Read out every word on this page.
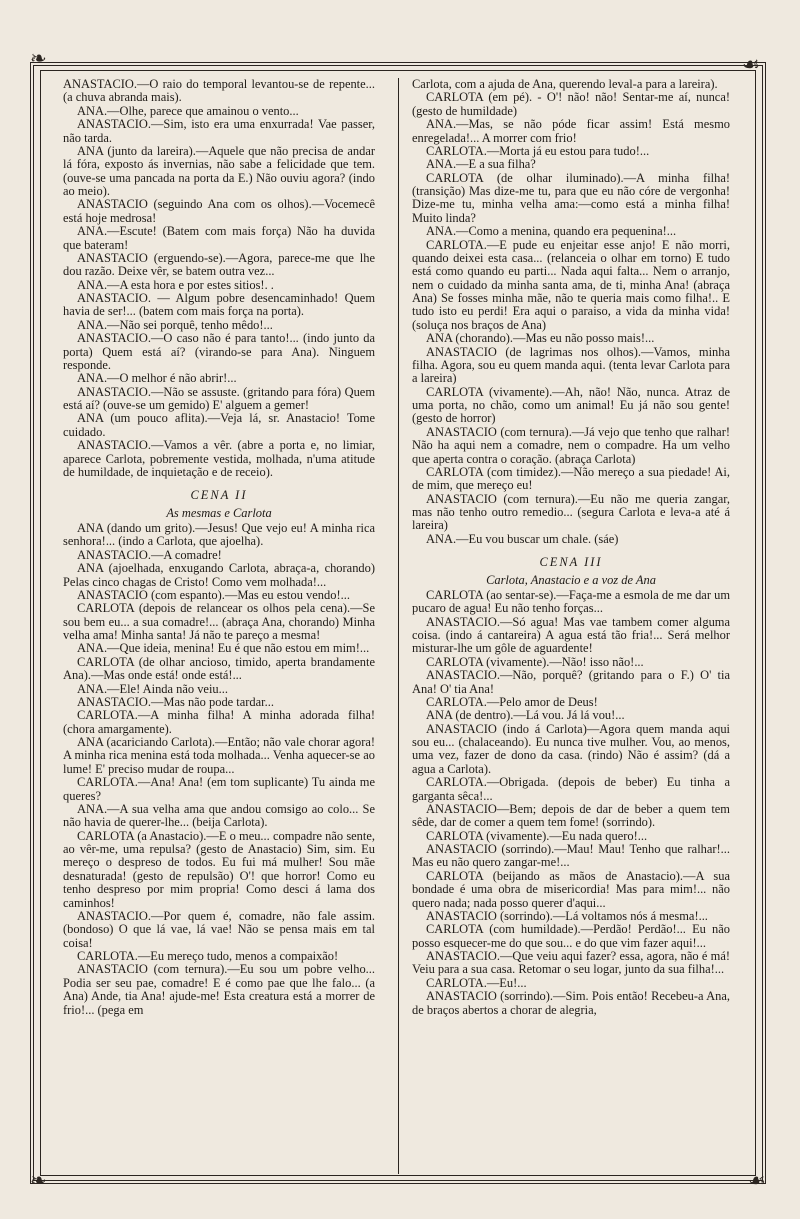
❧	☙
❧	☙

ANASTACIO.—O raio do temporal levantou-se de repente... (a chuva abranda mais).

ANA.—Olhe, parece que amainou o vento...

ANASTACIO.—Sim, isto era uma enxurrada! Vae passer, não tarda.

ANA (junto da lareira).—Aquele que não precisa de andar lá fóra, exposto ás invernias, não sabe a felicidade que tem. (ouve-se uma pancada na porta da E.) Não ouviu agora? (indo ao meio).

ANASTACIO (seguindo Ana com os olhos).—Vocemecê está hoje medrosa!

ANA.—Escute! (Batem com mais força) Não ha duvida que bateram!

ANASTACIO (erguendo-se).—Agora, parece-me que lhe dou razão. Deixe vêr, se batem outra vez...

ANA.—A esta hora e por estes sitios!. .

ANASTACIO. — Algum pobre desencaminhado! Quem havia de ser!... (batem com mais força na porta).

ANA.—Não sei porquê, tenho mêdo!...

ANASTACIO.—O caso não é para tanto!... (indo junto da porta) Quem está aí? (virando-se para Ana). Ninguem responde.

ANA.—O melhor é não abrir!...

ANASTACIO.—Não se assuste. (gritando para fóra) Quem está aí? (ouve-se um gemido) E' alguem a gemer!

ANA (um pouco aflita).—Veja lá, sr. Anastacio! Tome cuidado.

ANASTACIO.—Vamos a vêr. (abre a porta e, no limiar, aparece Carlota, pobremente vestida, molhada, n'uma atitude de humildade, de inquietação e de receio).

CENA II

As mesmas e Carlota

ANA (dando um grito).—Jesus! Que vejo eu! A minha rica senhora!... (indo a Carlota, que ajoelha).

ANASTACIO.—A comadre!

ANA (ajoelhada, enxugando Carlota, abraça-a, chorando) Pelas cinco chagas de Cristo! Como vem molhada!...

ANASTACIO (com espanto).—Mas eu estou vendo!...

CARLOTA (depois de relancear os olhos pela cena).—Se sou bem eu... a sua comadre!... (abraça Ana, chorando) Minha velha ama! Minha santa! Já não te pareço a mesma!

ANA.—Que ideia, menina! Eu é que não estou em mim!...

CARLOTA (de olhar ancioso, timido, aperta brandamente Ana).—Mas onde está! onde está!...

ANA.—Ele! Ainda não veiu...

ANASTACIO.—Mas não pode tardar...

CARLOTA.—A minha filha! A minha adorada filha! (chora amargamente).

ANA (acariciando Carlota).—Então; não vale chorar agora! A minha rica menina está toda molhada... Venha aquecer-se ao lume! E' preciso mudar de roupa...

CARLOTA.—Ana! Ana! (em tom suplicante) Tu ainda me queres?

ANA.—A sua velha ama que andou comsigo ao colo... Se não havia de querer-lhe... (beija Carlota).

CARLOTA (a Anastacio).—E o meu... compadre não sente, ao vêr-me, uma repulsa? (gesto de Anastacio) Sim, sim. Eu mereço o despreso de todos. Eu fui má mulher! Sou mãe desnaturada! (gesto de repulsão) O'! que horror! Como eu tenho despreso por mim propria! Como desci á lama dos caminhos!

ANASTACIO.—Por quem é, comadre, não fale assim. (bondoso) O que lá vae, lá vae! Não se pensa mais em tal coisa!

CARLOTA.—Eu mereço tudo, menos a compaixão!

ANASTACIO (com ternura).—Eu sou um pobre velho... Podia ser seu pae, comadre! E é como pae que lhe falo... (a Ana) Ande, tia Ana! ajude-me! Esta creatura está a morrer de frio!... (pega em

Carlota, com a ajuda de Ana, querendo leval-a para a lareira).

CARLOTA (em pé). - O'! não! não! Sentar-me aí, nunca! (gesto de humildade)

ANA.—Mas, se não póde ficar assim! Está mesmo enregelada!... A morrer com frio!

CARLOTA.—Morta já eu estou para tudo!...

ANA.—E a sua filha?

CARLOTA (de olhar iluminado).—A minha filha! (transição) Mas dize-me tu, para que eu não córe de vergonha! Dize-me tu, minha velha ama:—como está a minha filha! Muito linda?

ANA.—Como a menina, quando era pequenina!...

CARLOTA.—E pude eu enjeitar esse anjo! E não morri, quando deixei esta casa... (relanceia o olhar em torno) E tudo está como quando eu parti... Nada aqui falta... Nem o arranjo, nem o cuidado da minha santa ama, de ti, minha Ana! (abraça Ana) Se fosses minha mãe, não te queria mais como filha!.. E tudo isto eu perdi! Era aqui o paraiso, a vida da minha vida! (soluça nos braços de Ana)

ANA (chorando).—Mas eu não posso mais!...

ANASTACIO (de lagrimas nos olhos).—Vamos, minha filha. Agora, sou eu quem manda aqui. (tenta levar Carlota para a lareira)

CARLOTA (vivamente).—Ah, não! Não, nunca. Atraz de uma porta, no chão, como um animal! Eu já não sou gente! (gesto de horror)

ANASTACIO (com ternura).—Já vejo que tenho que ralhar! Não ha aqui nem a comadre, nem o compadre. Ha um velho que aperta contra o coração. (abraça Carlota)

CARLOTA (com timidez).—Não mereço a sua piedade! Ai, de mim, que mereço eu!

ANASTACIO (com ternura).—Eu não me queria zangar, mas não tenho outro remedio... (segura Carlota e leva-a até á lareira)

ANA.—Eu vou buscar um chale. (sáe)

CENA III

Carlota, Anastacio e a voz de Ana

CARLOTA (ao sentar-se).—Faça-me a esmola de me dar um pucaro de agua! Eu não tenho forças...

ANASTACIO.—Só agua! Mas vae tambem comer alguma coisa. (indo á cantareira) A agua está tão fria!... Será melhor misturar-lhe um gôle de aguardente!

CARLOTA (vivamente).—Não! isso não!...

ANASTACIO.—Não, porquê? (gritando para o F.) O' tia Ana! O' tia Ana!

CARLOTA.—Pelo amor de Deus!

ANA (de dentro).—Lá vou. Já lá vou!...

ANASTACIO (indo á Carlota)—Agora quem manda aqui sou eu... (chalaceando). Eu nunca tive mulher. Vou, ao menos, uma vez, fazer de dono da casa. (rindo) Não é assim? (dá a agua a Carlota).

CARLOTA.—Obrigada. (depois de beber) Eu tinha a garganta sêca!...

ANASTACIO—Bem; depois de dar de beber a quem tem sêde, dar de comer a quem tem fome! (sorrindo).

CARLOTA (vivamente).—Eu nada quero!...

ANASTACIO (sorrindo).—Mau! Mau! Tenho que ralhar!... Mas eu não quero zangar-me!...

CARLOTA (beijando as mãos de Anastacio).—A sua bondade é uma obra de misericordia! Mas para mim!... não quero nada; nada posso querer d'aqui...

ANASTACIO (sorrindo).—Lá voltamos nós á mesma!...

CARLOTA (com humildade).—Perdão! Perdão!... Eu não posso esquecer-me do que sou... e do que vim fazer aqui!...

ANASTACIO.—Que veiu aqui fazer? essa, agora, não é má! Veiu para a sua casa. Retomar o seu logar, junto da sua filha!...

CARLOTA.—Eu!...

ANASTACIO (sorrindo).—Sim. Pois então! Recebeu-a Ana, de braços abertos a chorar de alegria,
